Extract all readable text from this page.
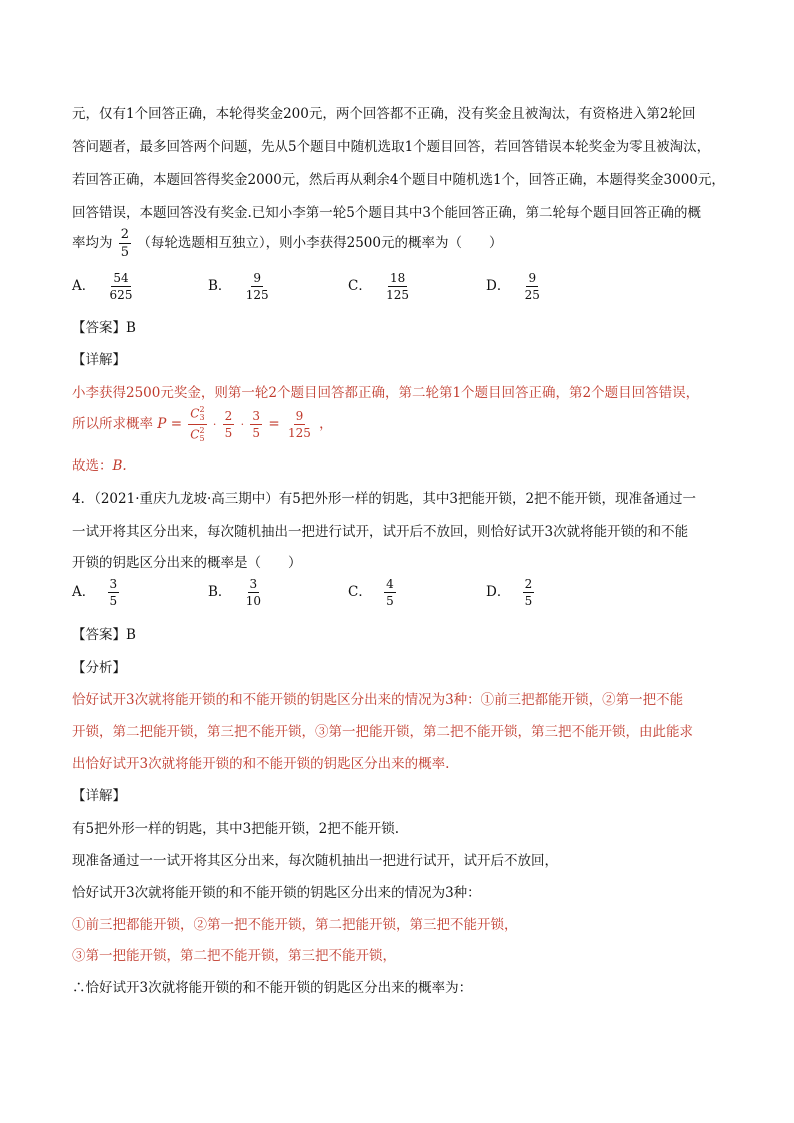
元，仅有1个回答正确，本轮得奖金200元，两个回答都不正确，没有奖金且被淘汰，有资格进入第2轮回
答问题者，最多回答两个问题，先从5个题目中随机选取1个题目回答，若回答错误本轮奖金为零且被淘汰，
若回答正确，本题回答得奖金2000元，然后再从剩余4个题目中随机选1个，回答正确，本题得奖金3000元，
回答错误，本题回答没有奖金.已知小李第一轮5个题目其中3个能回答正确，第二轮每个题目回答正确的概
率均为 $\frac{2}{5}$ （每轮选题相互独立），则小李获得2500元的概率为（　　）
A． $\frac{54}{625}$	B． $\frac{9}{125}$	C． $\frac{18}{125}$	D． $\frac{9}{25}$
【答案】B
【详解】
小李获得2500元奖金，则第一轮2个题目回答都正确，第二轮第1个题目回答正确，第2个题目回答错误，
所以所求概率 P = C 2
3
C 2
$5 \cdot \frac{2}{5} \cdot \frac{3}{5} = \frac{9}{125}$ ，
故选：B.
4．（2021·重庆九龙坡·高三期中）有5把外形一样的钥匙，其中3把能开锁，2把不能开锁，现准备通过一
一试开将其区分出来，每次随机抽出一把进行试开，试开后不放回，则恰好试开3次就将能开锁的和不能
开锁的钥匙区分出来的概率是（　　）
A． $\frac{3}{5}$	B． $\frac{3}{10}$	C． $\frac{4}{5}$	D． $\frac{2}{5}$
【答案】B
【分析】
恰好试开3次就将能开锁的和不能开锁的钥匙区分出来的情况为3种：①前三把都能开锁，②第一把不能
开锁，第二把能开锁，第三把不能开锁，③第一把能开锁，第二把不能开锁，第三把不能开锁，由此能求
出恰好试开3次就将能开锁的和不能开锁的钥匙区分出来的概率.
【详解】
有5把外形一样的钥匙，其中3把能开锁，2把不能开锁.
现准备通过一一试开将其区分出来，每次随机抽出一把进行试开，试开后不放回，
恰好试开3次就将能开锁的和不能开锁的钥匙区分出来的情况为3种：
①前三把都能开锁，②第一把不能开锁，第二把能开锁，第三把不能开锁，
③第一把能开锁，第二把不能开锁，第三把不能开锁，
∴恰好试开3次就将能开锁的和不能开锁的钥匙区分出来的概率为：
